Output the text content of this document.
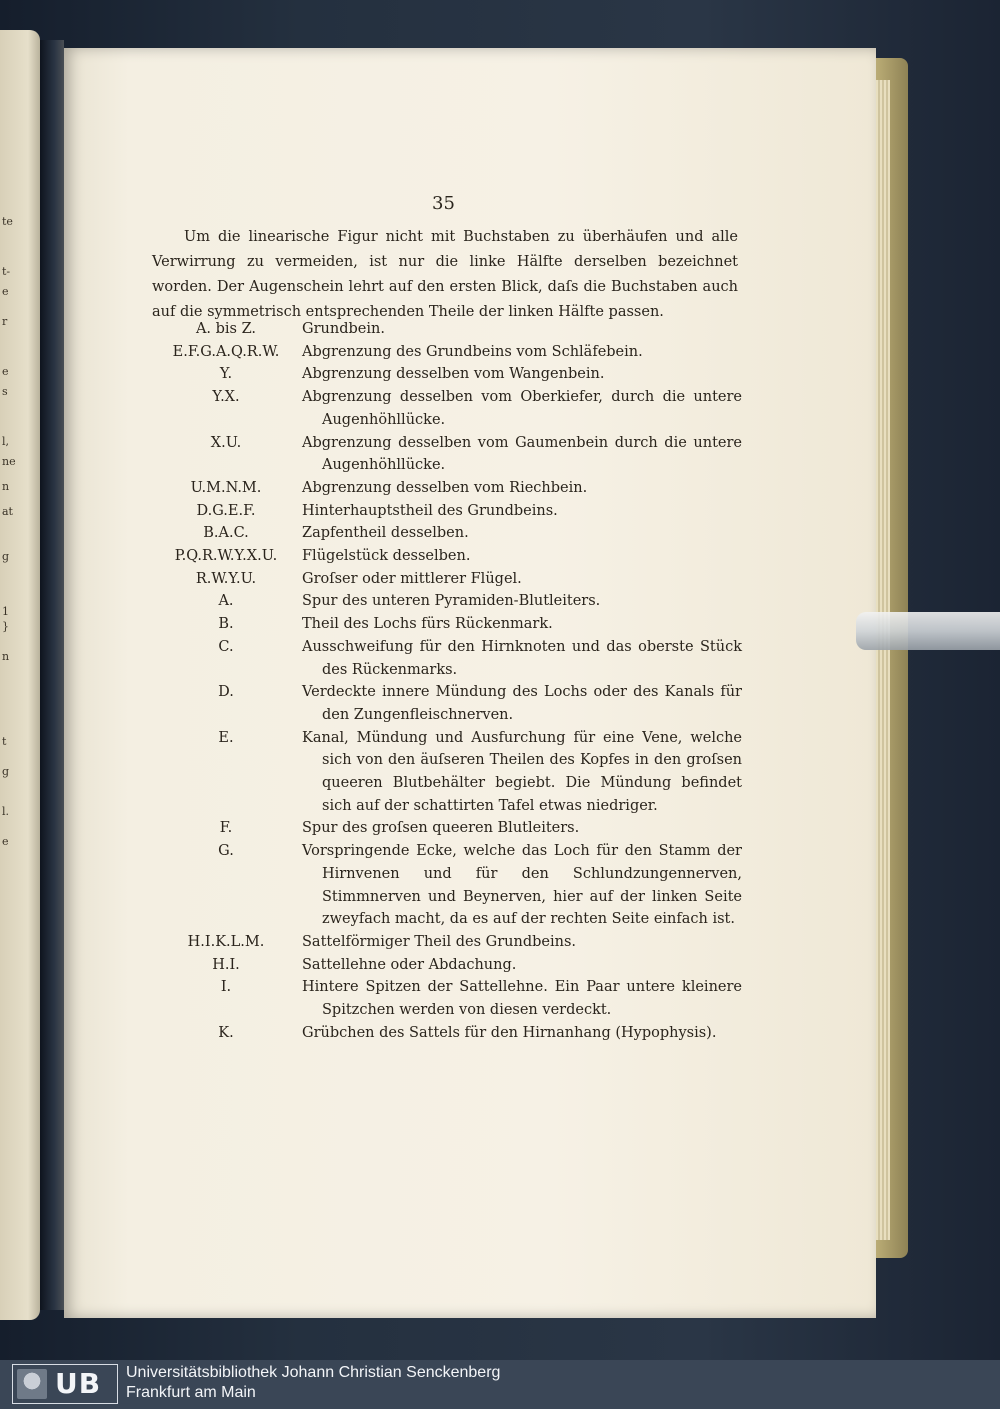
te
t-
e
r
e
s
l,
ne
n
at
g
1
}
n
t
g
l.
e
35
Um die linearische Figur nicht mit Buchstaben zu überhäufen und alle Verwirrung zu vermeiden, ist nur die linke Hälfte derselben bezeichnet worden. Der Augenschein lehrt auf den ersten Blick, daſs die Buchstaben auch auf die symmetrisch entsprechenden Theile der linken Hälfte passen.
A. bis Z.	Grundbein.
E.F.G.A.Q.R.W.	Abgrenzung des Grundbeins vom Schläfebein.
Y.	Abgrenzung desselben vom Wangenbein.
Y.X.	Abgrenzung desselben vom Oberkiefer, durch die untere Augenhöhllücke.
X.U.	Abgrenzung desselben vom Gaumenbein durch die untere Augenhöhllücke.
U.M.N.M.	Abgrenzung desselben vom Riechbein.
D.G.E.F.	Hinterhauptstheil des Grundbeins.
B.A.C.	Zapfentheil desselben.
P.Q.R.W.Y.X.U.	Flügelstück desselben.
R.W.Y.U.	Groſser oder mittlerer Flügel.
A.	Spur des unteren Pyramiden-Blutleiters.
B.	Theil des Lochs fürs Rückenmark.
C.	Ausschweifung für den Hirnknoten und das oberste Stück des Rückenmarks.
D.	Verdeckte innere Mündung des Lochs oder des Kanals für den Zungenfleischnerven.
E.	Kanal, Mündung und Ausfurchung für eine Vene, welche sich von den äuſseren Theilen des Kopfes in den groſsen queeren Blutbehälter begiebt. Die Mündung befindet sich auf der schattirten Tafel etwas niedriger.
F.	Spur des groſsen queeren Blutleiters.
G.	Vorspringende Ecke, welche das Loch für den Stamm der Hirnvenen und für den Schlundzungennerven, Stimmnerven und Beynerven, hier auf der linken Seite zweyfach macht, da es auf der rechten Seite einfach ist.
H.I.K.L.M.	Sattelförmiger Theil des Grundbeins.
H.I.	Sattellehne oder Abdachung.
I.	Hintere Spitzen der Sattellehne. Ein Paar untere kleinere Spitzchen werden von diesen verdeckt.
K.	Grübchen des Sattels für den Hirnanhang (Hypophysis).
UB Universitätsbibliothek Johann Christian Senckenberg
Frankfurt am Main
